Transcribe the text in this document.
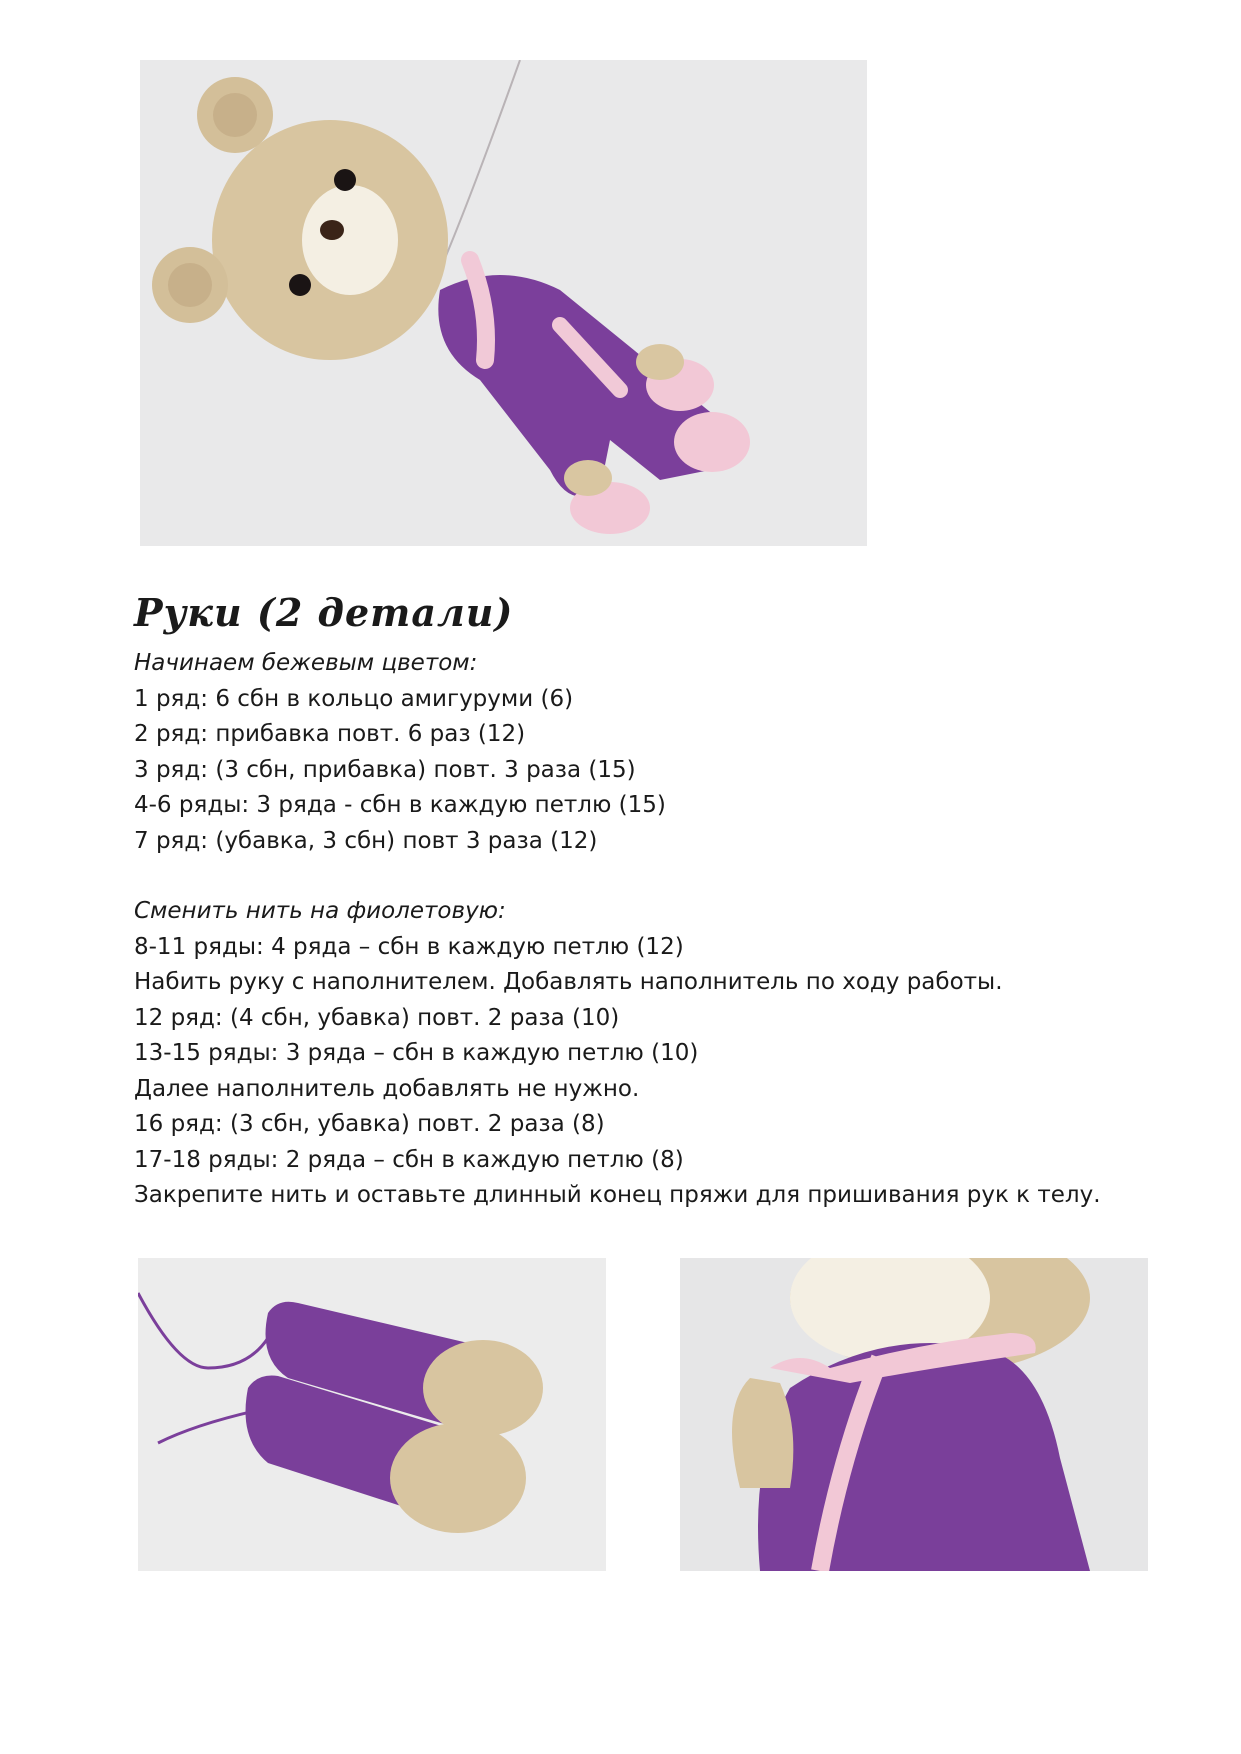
Руки (2 детали)

Начинаем бежевым цветом:

1 ряд: 6 сбн в кольцо амигуруми (6)

2 ряд: прибавка повт. 6 раз (12)

3 ряд: (3 сбн, прибавка) повт. 3 раза (15)

4-6 ряды: 3 ряда - сбн в каждую петлю (15)

7 ряд: (убавка, 3 сбн) повт 3 раза (12)

Сменить нить на фиолетовую:

8-11 ряды: 4 ряда – сбн в каждую петлю (12)

Набить руку с наполнителем. Добавлять наполнитель по ходу работы.

12 ряд: (4 сбн, убавка) повт. 2 раза (10)

13-15 ряды: 3 ряда – сбн в каждую петлю (10)

Далее наполнитель добавлять не нужно.

16 ряд: (3 сбн, убавка) повт. 2 раза (8)

17-18 ряды: 2 ряда – сбн в каждую петлю (8)

Закрепите нить и оставьте длинный конец пряжи для пришивания рук к телу.
